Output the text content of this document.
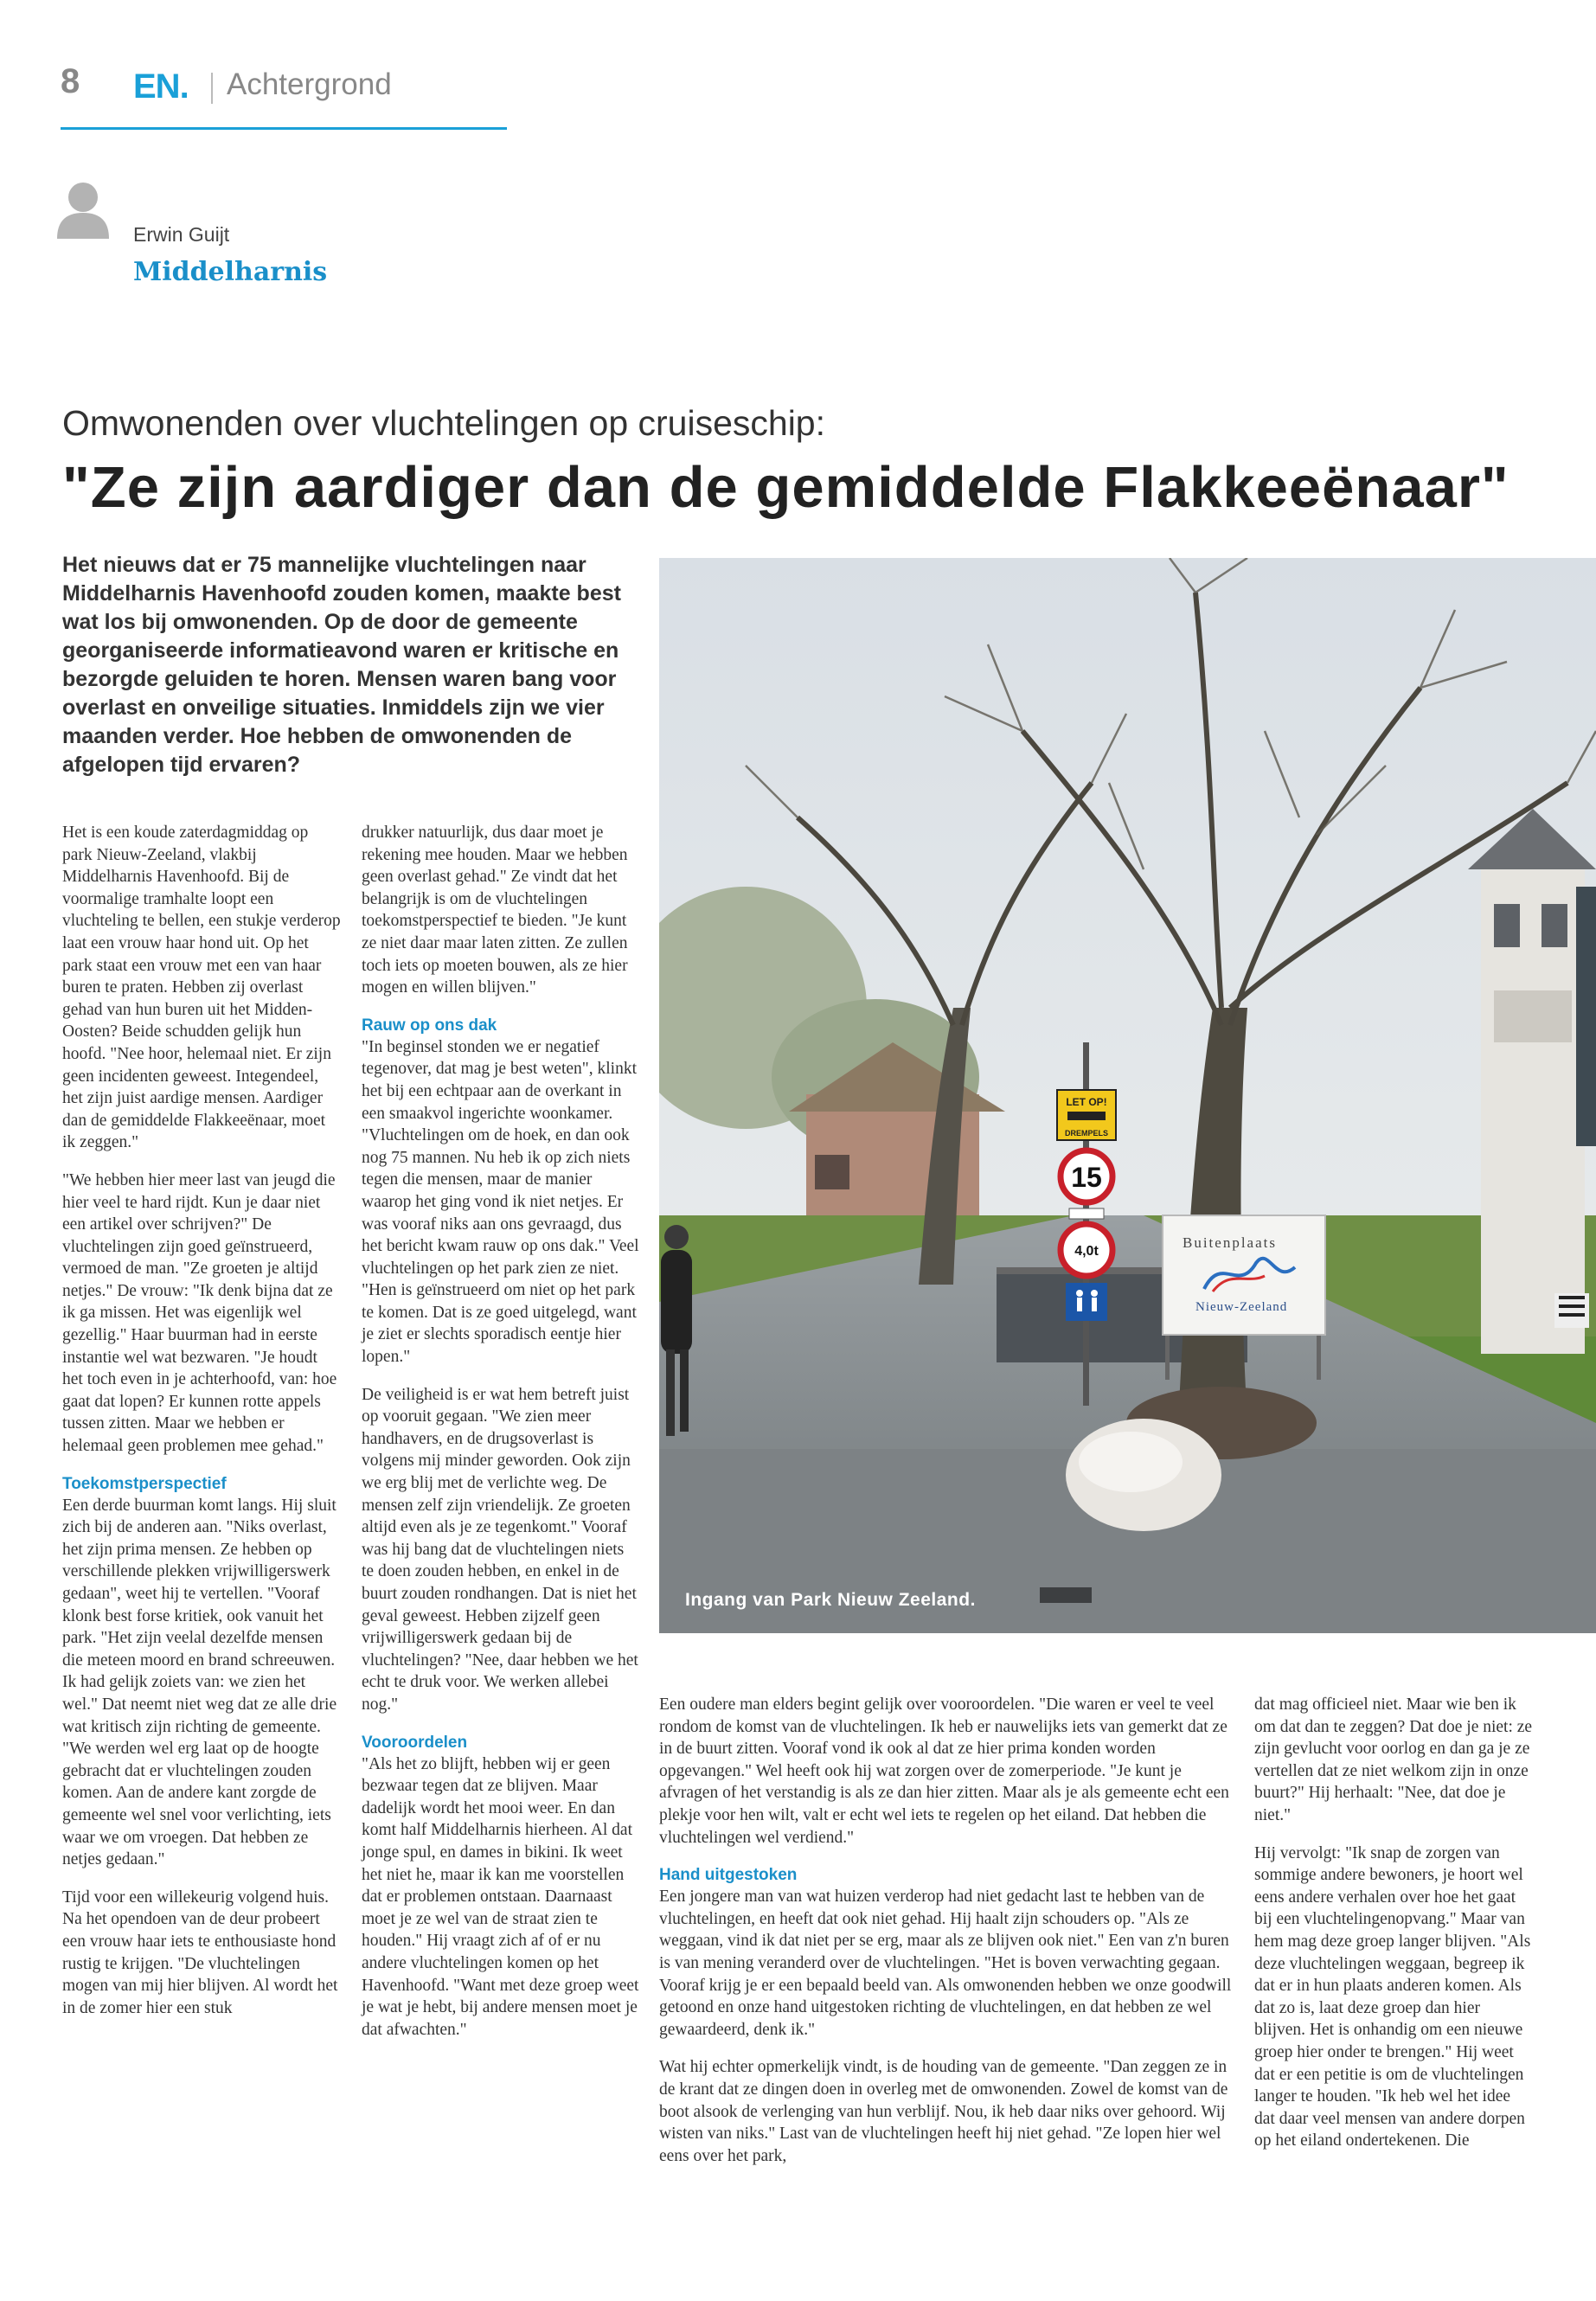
8 EN. Achtergrond
Erwin Guijt
Middelharnis
Omwonenden over vluchtelingen op cruiseschip:
"Ze zijn aardiger dan de gemiddelde Flakkeeënaar"
Het nieuws dat er 75 mannelijke vluchtelingen naar Middelharnis Havenhoofd zouden komen, maakte best wat los bij omwonenden. Op de door de gemeente georganiseerde informatieavond waren er kritische en bezorgde geluiden te horen. Mensen waren bang voor overlast en onveilige situaties. Inmiddels zijn we vier maanden verder. Hoe hebben de omwonenden de afgelopen tijd ervaren?

Het is een koude zaterdagmiddag op park Nieuw-Zeeland, vlakbij Middelharnis Havenhoofd. Bij de voormalige tramhalte loopt een vluchteling te bellen, een stukje verderop laat een vrouw haar hond uit. Op het park staat een vrouw met een van haar buren te praten. Hebben zij overlast gehad van hun buren uit het Midden-Oosten? Beide schudden gelijk hun hoofd. "Nee hoor, helemaal niet. Er zijn geen incidenten geweest. Integendeel, het zijn juist aardige mensen. Aardiger dan de gemiddelde Flakkeeënaar, moet ik zeggen."

"We hebben hier meer last van jeugd die hier veel te hard rijdt. Kun je daar niet een artikel over schrijven?" De vluchtelingen zijn goed geïnstrueerd, vermoed de man. "Ze groeten je altijd netjes." De vrouw: "Ik denk bijna dat ze ik ga missen. Het was eigenlijk wel gezellig." Haar buurman had in eerste instantie wel wat bezwaren. "Je houdt het toch even in je achterhoofd, van: hoe gaat dat lopen? Er kunnen rotte appels tussen zitten. Maar we hebben er helemaal geen problemen mee gehad."

Toekomstperspectief

Een derde buurman komt langs. Hij sluit zich bij de anderen aan. "Niks overlast, het zijn prima mensen. Ze hebben op verschillende plekken vrijwilligerswerk gedaan", weet hij te vertellen. "Vooraf klonk best forse kritiek, ook vanuit het park. "Het zijn veelal dezelfde mensen die meteen moord en brand schreeuwen. Ik had gelijk zoiets van: we zien het wel." Dat neemt niet weg dat ze alle drie wat kritisch zijn richting de gemeente. "We werden wel erg laat op de hoogte gebracht dat er vluchtelingen zouden komen. Aan de andere kant zorgde de gemeente wel snel voor verlichting, iets waar we om vroegen. Dat hebben ze netjes gedaan."

Tijd voor een willekeurig volgend huis. Na het opendoen van de deur probeert een vrouw haar iets te enthousiaste hond rustig te krijgen. "De vluchtelingen mogen van mij hier blijven. Al wordt het in de zomer hier een stuk

drukker natuurlijk, dus daar moet je rekening mee houden. Maar we hebben geen overlast gehad." Ze vindt dat het belangrijk is om de vluchtelingen toekomstperspectief te bieden. "Je kunt ze niet daar maar laten zitten. Ze zullen toch iets op moeten bouwen, als ze hier mogen en willen blijven."

Rauw op ons dak

"In beginsel stonden we er negatief tegenover, dat mag je best weten", klinkt het bij een echtpaar aan de overkant in een smaakvol ingerichte woonkamer. "Vluchtelingen om de hoek, en dan ook nog 75 mannen. Nu heb ik op zich niets tegen die mensen, maar de manier waarop het ging vond ik niet netjes. Er was vooraf niks aan ons gevraagd, dus het bericht kwam rauw op ons dak." Veel vluchtelingen op het park zien ze niet. "Hen is geïnstrueerd om niet op het park te komen. Dat is ze goed uitgelegd, want je ziet er slechts sporadisch eentje hier lopen."

De veiligheid is er wat hem betreft juist op vooruit gegaan. "We zien meer handhavers, en de drugsoverlast is volgens mij minder geworden. Ook zijn we erg blij met de verlichte weg. De mensen zelf zijn vriendelijk. Ze groeten altijd even als je ze tegenkomt." Vooraf was hij bang dat de vluchtelingen niets te doen zouden hebben, en enkel in de buurt zouden rondhangen. Dat is niet het geval geweest. Hebben zijzelf geen vrijwilligerswerk gedaan bij de vluchtelingen? "Nee, daar hebben we het echt te druk voor. We werken allebei nog."

Vooroordelen

"Als het zo blijft, hebben wij er geen bezwaar tegen dat ze blijven. Maar dadelijk wordt het mooi weer. En dan komt half Middelharnis hierheen. Al dat jonge spul, en dames in bikini. Ik weet het niet he, maar ik kan me voorstellen dat er problemen ontstaan. Daarnaast moet je ze wel van de straat zien te houden." Hij vraagt zich af of er nu andere vluchtelingen komen op het Havenhoofd. "Want met deze groep weet je wat je hebt, bij andere mensen moet je dat afwachten."

LET OP!
DREMPELS
15
4,0t
Buitenplaats
Nieuw-Zeeland
Ingang van Park Nieuw Zeeland.

Een oudere man elders begint gelijk over vooroordelen. "Die waren er veel te veel rondom de komst van de vluchtelingen. Ik heb er nauwelijks iets van gemerkt dat ze in de buurt zitten. Vooraf vond ik ook al dat ze hier prima konden worden opgevangen." Wel heeft ook hij wat zorgen over de zomerperiode. "Je kunt je afvragen of het verstandig is als ze dan hier zitten. Maar als je als gemeente echt een plekje voor hen wilt, valt er echt wel iets te regelen op het eiland. Dat hebben die vluchtelingen wel verdiend."

Hand uitgestoken

Een jongere man van wat huizen verderop had niet gedacht last te hebben van de vluchtelingen, en heeft dat ook niet gehad. Hij haalt zijn schouders op. "Als ze weggaan, vind ik dat niet per se erg, maar als ze blijven ook niet." Een van z'n buren is van mening veranderd over de vluchtelingen. "Het is boven verwachting gegaan. Vooraf krijg je er een bepaald beeld van. Als omwonenden hebben we onze goodwill getoond en onze hand uitgestoken richting de vluchtelingen, en dat hebben ze wel gewaardeerd, denk ik."

Wat hij echter opmerkelijk vindt, is de houding van de gemeente. "Dan zeggen ze in de krant dat ze dingen doen in overleg met de omwonenden. Zowel de komst van de boot alsook de verlenging van hun verblijf. Nou, ik heb daar niks over gehoord. Wij wisten van niks." Last van de vluchtelingen heeft hij niet gehad. "Ze lopen hier wel eens over het park,

dat mag officieel niet. Maar wie ben ik om dat dan te zeggen? Dat doe je niet: ze zijn gevlucht voor oorlog en dan ga je ze vertellen dat ze niet welkom zijn in onze buurt?" Hij herhaalt: "Nee, dat doe je niet."

Hij vervolgt: "Ik snap de zorgen van sommige andere bewoners, je hoort wel eens andere verhalen over hoe het gaat bij een vluchtelingenopvang." Maar van hem mag deze groep langer blijven. "Als deze vluchtelingen weggaan, begreep ik dat er in hun plaats anderen komen. Als dat zo is, laat deze groep dan hier blijven. Het is onhandig om een nieuwe groep hier onder te brengen." Hij weet dat er een petitie is om de vluchtelingen langer te houden. "Ik heb wel het idee dat daar veel mensen van andere dorpen op het eiland ondertekenen. Die
